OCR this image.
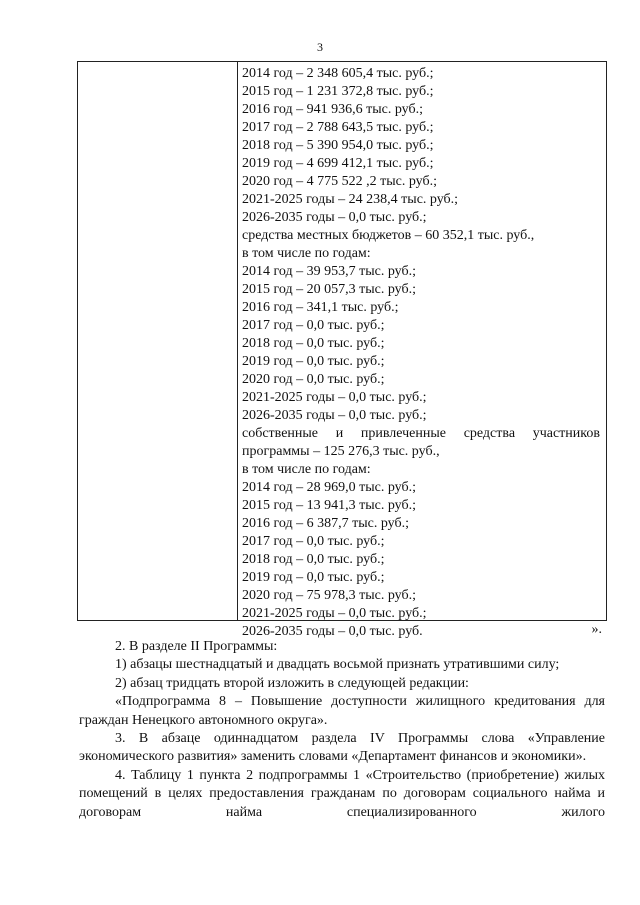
3
2014 год – 2 348 605,4 тыс. руб.;
2015 год – 1 231 372,8 тыс. руб.;
2016 год – 941 936,6 тыс. руб.;
2017 год – 2 788 643,5 тыс. руб.;
2018 год – 5 390 954,0 тыс. руб.;
2019 год – 4 699 412,1 тыс. руб.;
2020 год – 4 775 522 ,2 тыс. руб.;
2021-2025 годы – 24 238,4 тыс. руб.;
2026-2035 годы – 0,0 тыс. руб.;
средства местных бюджетов – 60 352,1 тыс. руб.,
в том числе по годам:
2014 год – 39 953,7 тыс. руб.;
2015 год – 20 057,3 тыс. руб.;
2016 год – 341,1 тыс. руб.;
2017 год – 0,0 тыс. руб.;
2018 год – 0,0 тыс. руб.;
2019 год – 0,0 тыс. руб.;
2020 год – 0,0 тыс. руб.;
2021-2025 годы – 0,0 тыс. руб.;
2026-2035 годы – 0,0 тыс. руб.;
собственные и привлеченные средства участников
программы – 125 276,3 тыс. руб.,
в том числе по годам:
2014 год – 28 969,0 тыс. руб.;
2015 год – 13 941,3 тыс. руб.;
2016 год – 6 387,7 тыс. руб.;
2017 год – 0,0 тыс. руб.;
2018 год – 0,0 тыс. руб.;
2019 год – 0,0 тыс. руб.;
2020 год – 75 978,3 тыс. руб.;
2021-2025 годы – 0,0 тыс. руб.;
2026-2035 годы – 0,0 тыс. руб.	».

2. В разделе II Программы:

1) абзацы шестнадцатый и двадцать восьмой признать утратившими силу;

2) абзац тридцать второй изложить в следующей редакции:

«Подпрограмма 8 – Повышение доступности жилищного кредитования для граждан Ненецкого автономного округа».

3. В абзаце одиннадцатом раздела IV Программы слова «Управление экономического развития» заменить словами «Департамент финансов и экономики».

4. Таблицу 1 пункта 2 подпрограммы 1 «Строительство (приобретение) жилых помещений в целях предоставления гражданам по договорам социального найма и договорам найма специализированного жилого
